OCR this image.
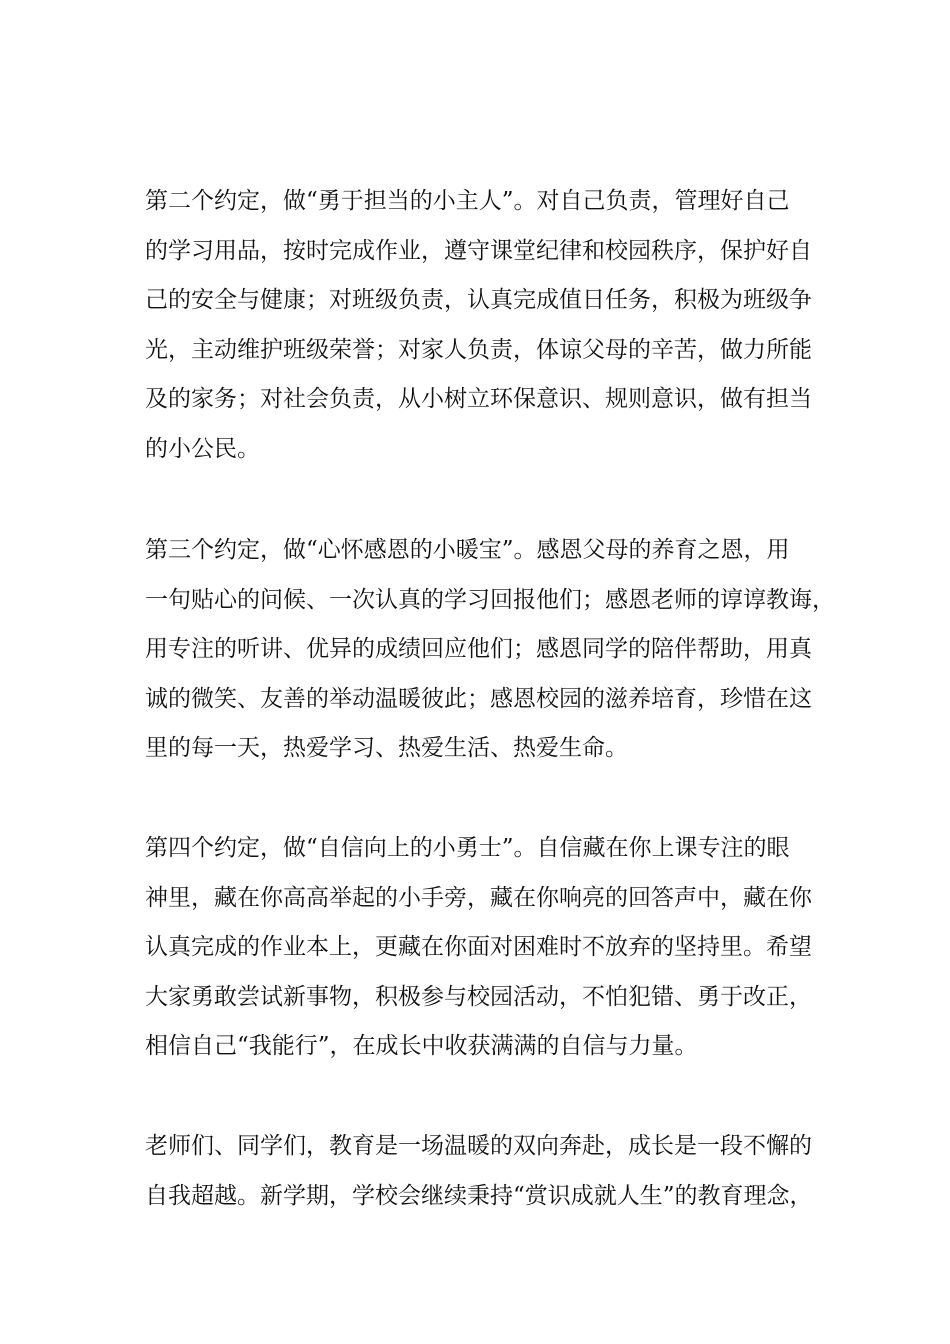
第二个约定，做“勇于担当的小主人”。对自己负责，管理好自己
的学习用品，按时完成作业，遵守课堂纪律和校园秩序，保护好自
己的安全与健康；对班级负责，认真完成值日任务，积极为班级争
光，主动维护班级荣誉；对家人负责，体谅父母的辛苦，做力所能
及的家务；对社会负责，从小树立环保意识、规则意识，做有担当
的小公民。

第三个约定，做“心怀感恩的小暖宝”。感恩父母的养育之恩，用
一句贴心的问候、一次认真的学习回报他们；感恩老师的谆谆教诲，
用专注的听讲、优异的成绩回应他们；感恩同学的陪伴帮助，用真
诚的微笑、友善的举动温暖彼此；感恩校园的滋养培育，珍惜在这
里的每一天，热爱学习、热爱生活、热爱生命。

第四个约定，做“自信向上的小勇士”。自信藏在你上课专注的眼
神里，藏在你高高举起的小手旁，藏在你响亮的回答声中，藏在你
认真完成的作业本上，更藏在你面对困难时不放弃的坚持里。希望
大家勇敢尝试新事物，积极参与校园活动，不怕犯错、勇于改正，
相信自己“我能行”，在成长中收获满满的自信与力量。

老师们、同学们，教育是一场温暖的双向奔赴，成长是一段不懈的
自我超越。新学期，学校会继续秉持“赏识成就人生”的教育理念，
